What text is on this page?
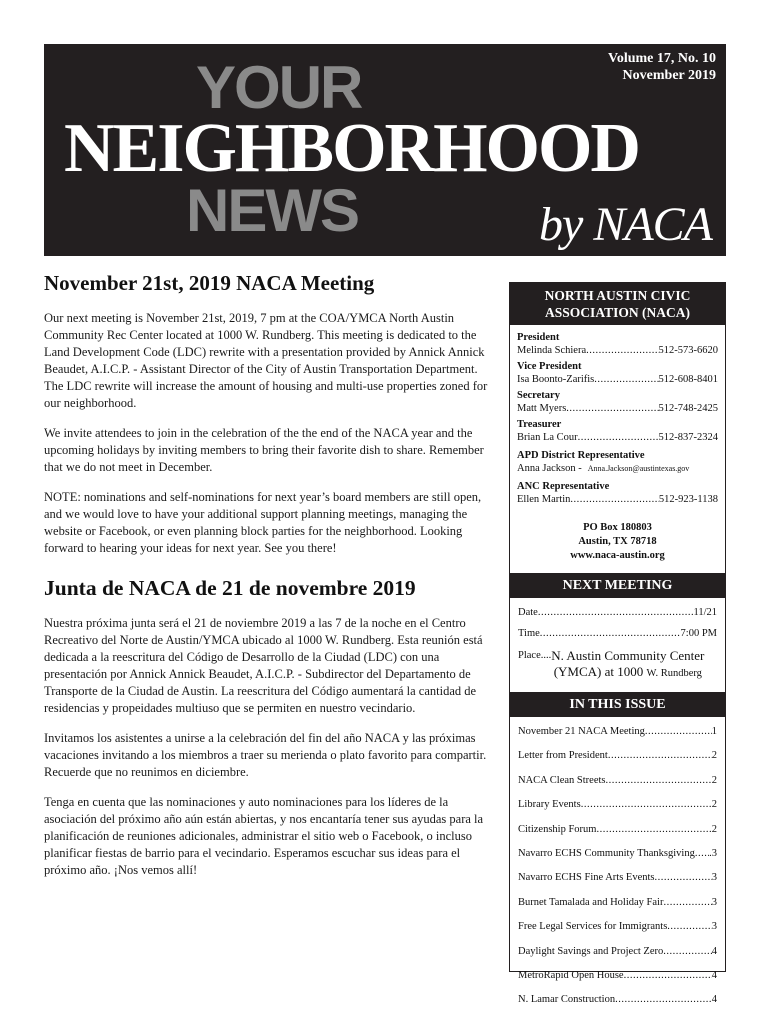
Volume 17, No. 10
November 2019
YOUR
NEIGHBORHOOD
NEWS	by NACA
November 21st, 2019 NACA Meeting

Our next meeting is November 21st, 2019, 7 pm at the COA/YMCA North Austin Community Rec Center located at 1000 W. Rundberg. This meeting is dedicated to the Land Development Code (LDC) rewrite with a presentation provided by Annick Annick Beaudet, A.I.C.P. - Assistant Director of the City of Austin Transportation Department. The LDC rewrite will increase the amount of housing and multi-use properties zoned for our neighborhood.

We invite attendees to join in the celebration of the the end of the NACA year and the upcoming holidays by inviting members to bring their favorite dish to share. Remember that we do not meet in December.

NOTE: nominations and self-nominations for next year’s board members are still open, and we would love to have your additional support planning meetings, managing the website or Facebook, or even planning block parties for the neighborhood. Looking forward to hearing your ideas for next year. See you there!

Junta de NACA de 21 de novembre 2019

Nuestra próxima junta será el 21 de noviembre 2019 a las 7 de la noche en el Centro Recreativo del Norte de Austin/YMCA ubicado al 1000 W. Rundberg. Esta reunión está dedicada a la reescritura del Código de Desarrollo de la Ciudad (LDC) con una presentación por Annick Annick Beaudet, A.I.C.P. - Subdirector del Departamento de Transporte de la Ciudad de Austin. La reescritura del Código aumentará la cantidad de residencias y propeidades multiuso que se permiten en nuestro vecindario.

Invitamos los asistentes a unirse a la celebración del fin del año NACA y las próximas vacaciones invitando a los miembros a traer su merienda o plato favorito para compartir. Recuerde que no reunimos en diciembre.

Tenga en cuenta que las nominaciones y auto nominaciones para los líderes de la asociación del próximo año aún están abiertas, y nos encantaría tener sus ayudas para la planificación de reuniones adicionales, administrar el sitio web o Facebook, o incluso planificar fiestas de barrio para el vecindario. Esperamos escuchar sus ideas para el próximo año. ¡Nos vemos allí!

NORTH AUSTIN CIVIC
ASSOCIATION (NACA)
President
Melinda Schiera .....	512-573-6620
Vice President
Isa Boonto-Zarifis .....	512-608-8401
Secretary
Matt Myers .....	512-748-2425
Treasurer
Brian La Cour .....	512-837-2324
APD District Representative
Anna Jackson - Anna.Jackson@austintexas.gov
ANC Representative
Ellen Martin .....	512-923-1138
PO Box 180803
Austin, TX 78718
www.naca-austin.org
NEXT MEETING
Date .....	11/21
Time .....	7:00 PM
Place.... N. Austin Community Center
(YMCA) at 1000 W. Rundberg
IN THIS ISSUE
November 21 NACA Meeting .....	1
Letter from President .....	2
NACA Clean Streets .....	2
Library Events .....	2
Citizenship Forum .....	2
Navarro ECHS Community Thanksgiving ..... .3
Navarro ECHS Fine Arts Events .....	3
Burnet Tamalada and Holiday Fair .....	3
Free Legal Services for Immigrants .....	3
Daylight Savings and Project Zero .....	4
MetroRapid Open House .....	4
N. Lamar Construction .....	4
